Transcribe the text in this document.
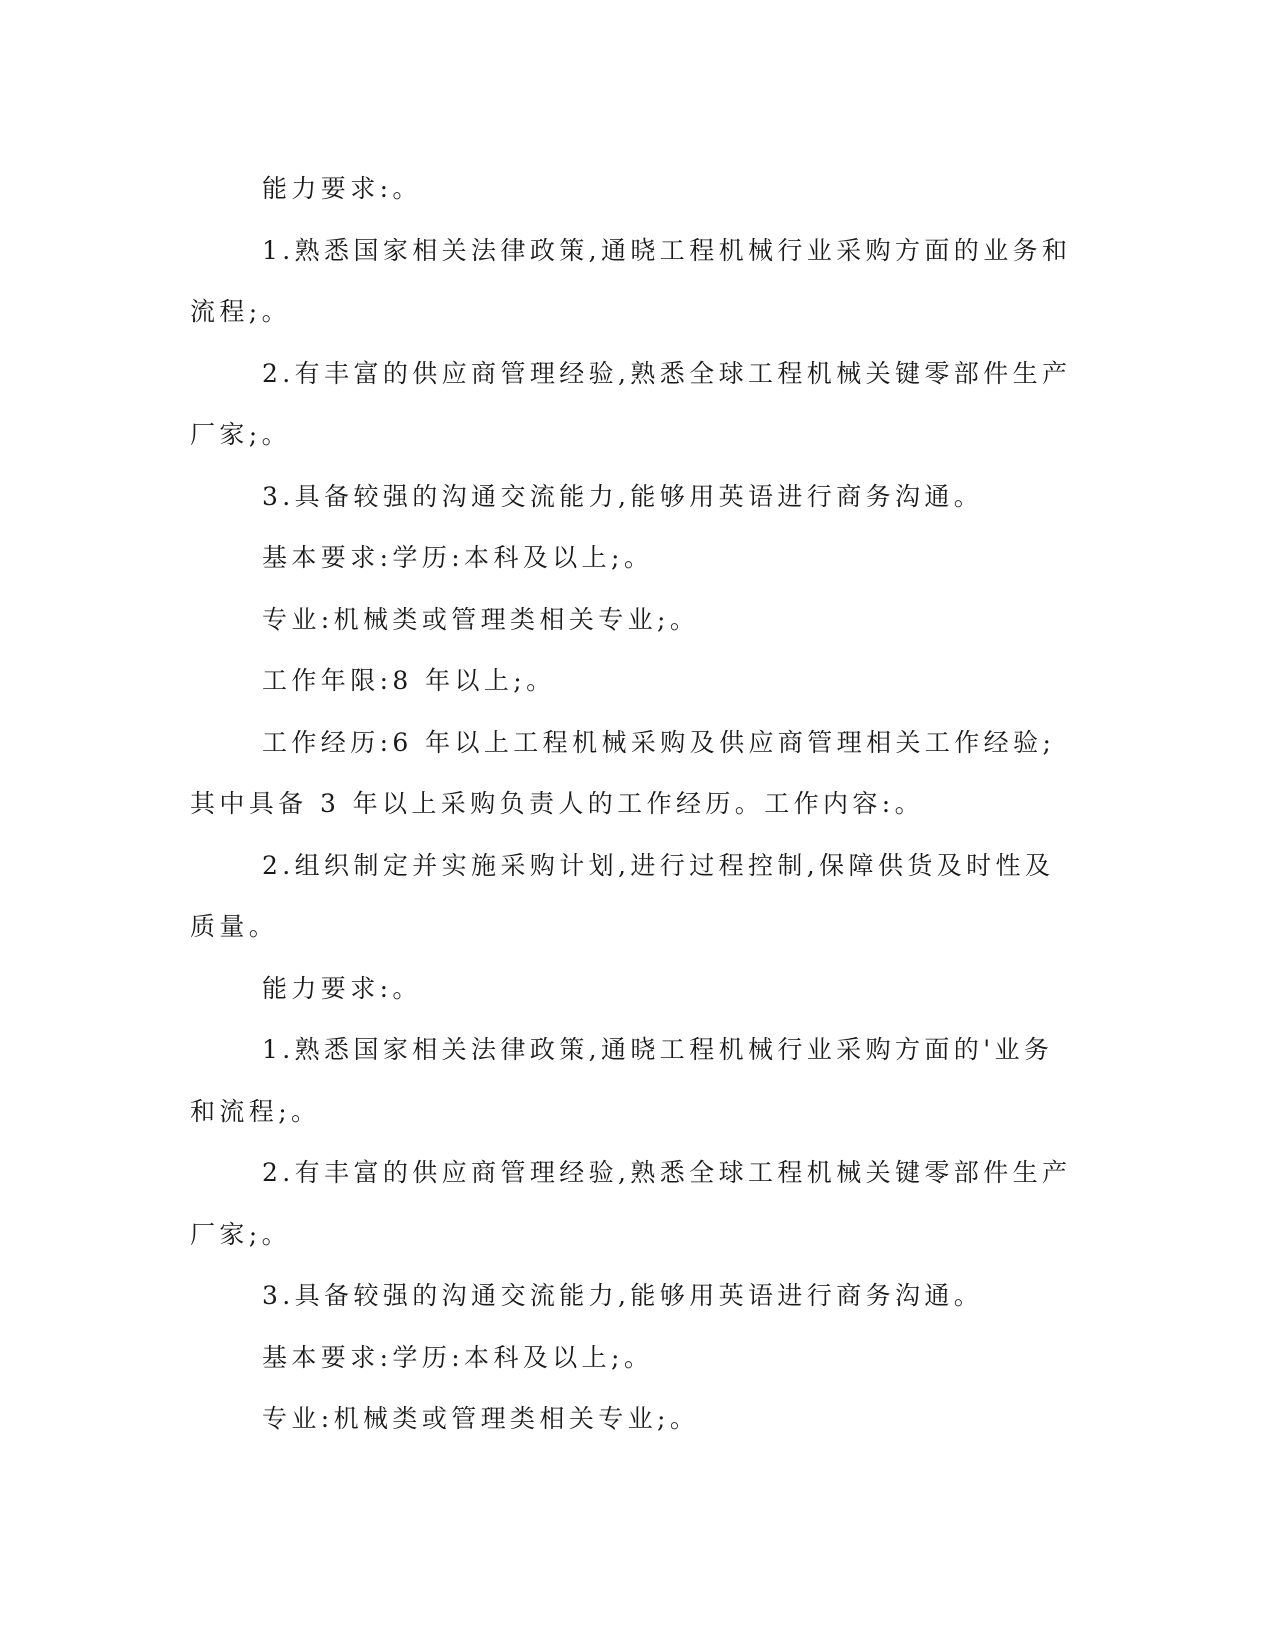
能力要求:。

1.熟悉国家相关法律政策,通晓工程机械行业采购方面的业务和流程;。

2.有丰富的供应商管理经验,熟悉全球工程机械关键零部件生产厂家;。

3.具备较强的沟通交流能力,能够用英语进行商务沟通。

基本要求:学历:本科及以上;。

专业:机械类或管理类相关专业;。

工作年限:8 年以上;。

工作经历:6 年以上工程机械采购及供应商管理相关工作经验;其中具备 3 年以上采购负责人的工作经历。工作内容:。

2.组织制定并实施采购计划,进行过程控制,保障供货及时性及质量。

能力要求:。

1.熟悉国家相关法律政策,通晓工程机械行业采购方面的'业务和流程;。

2.有丰富的供应商管理经验,熟悉全球工程机械关键零部件生产厂家;。

3.具备较强的沟通交流能力,能够用英语进行商务沟通。

基本要求:学历:本科及以上;。

专业:机械类或管理类相关专业;。
